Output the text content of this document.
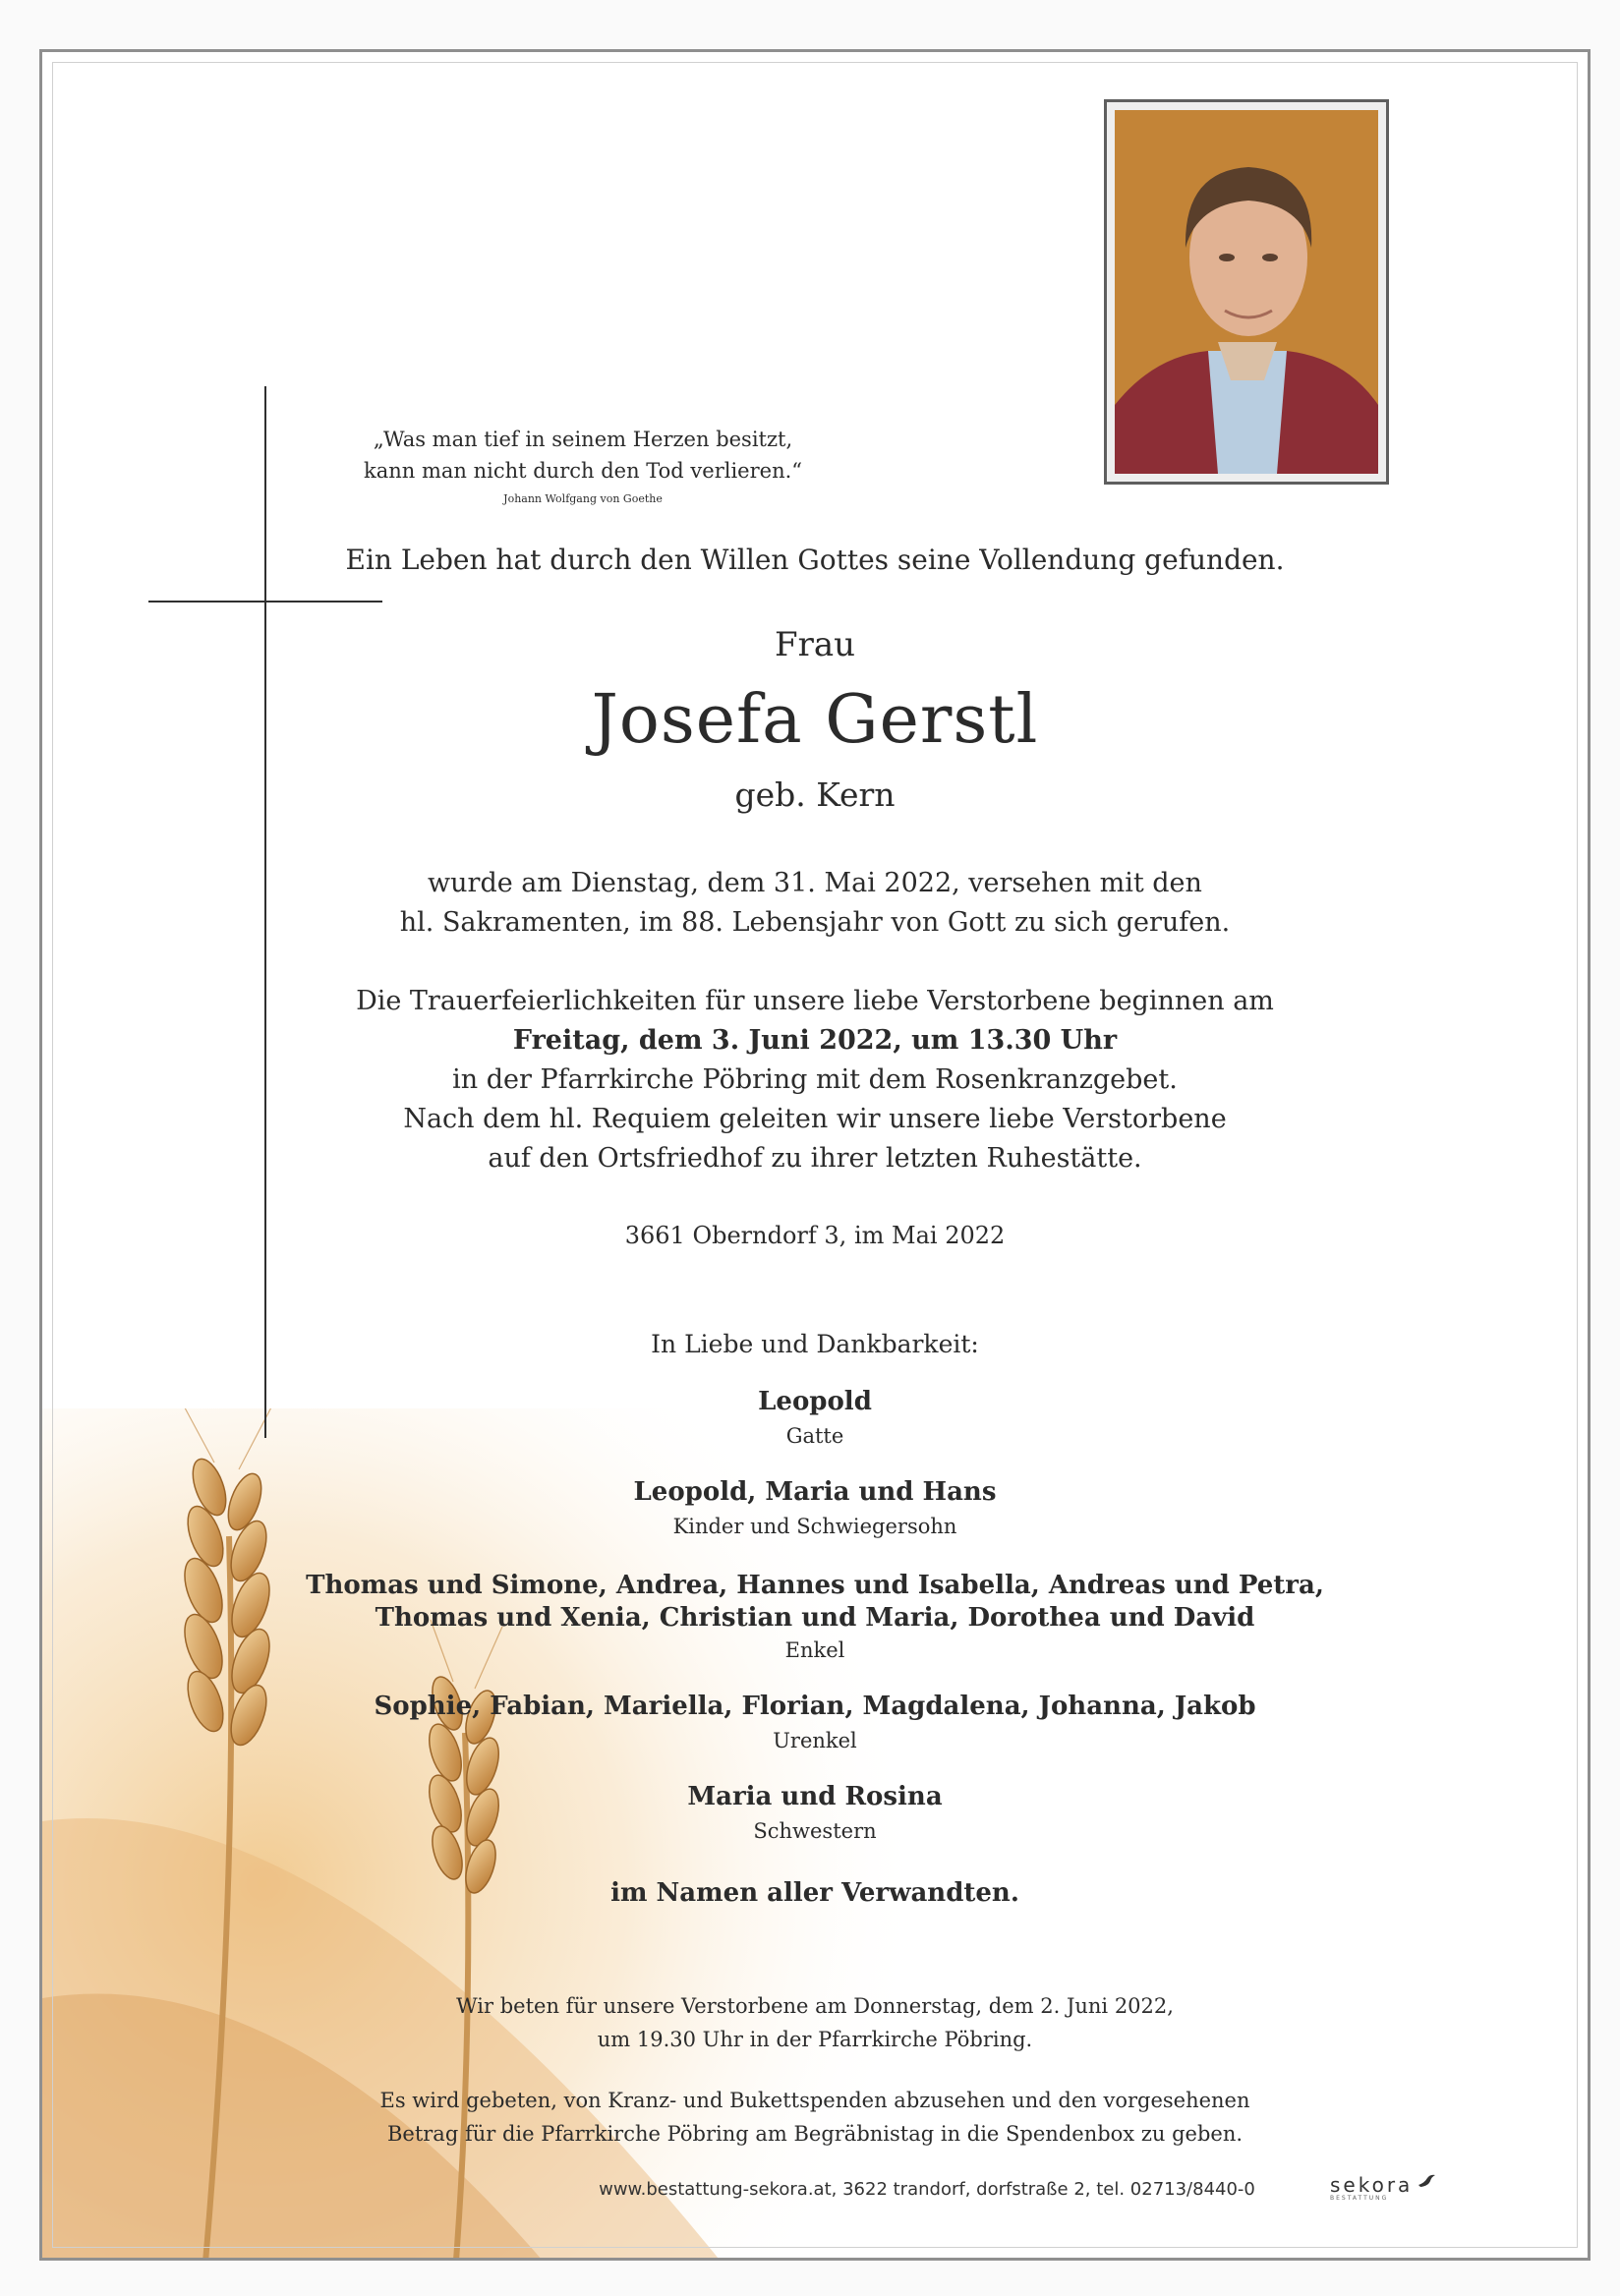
„Was man tief in seinem Herzen besitzt,
kann man nicht durch den Tod verlieren.“
Johann Wolfgang von Goethe
Ein Leben hat durch den Willen Gottes seine Vollendung gefunden.
Frau
Josefa Gerstl
geb. Kern
wurde am Dienstag, dem 31. Mai 2022, versehen mit den
hl. Sakramenten, im 88. Lebensjahr von Gott zu sich gerufen.
Die Trauerfeierlichkeiten für unsere liebe Verstorbene beginnen am
Freitag, dem 3. Juni 2022, um 13.30 Uhr
in der Pfarrkirche Pöbring mit dem Rosenkranzgebet.
Nach dem hl. Requiem geleiten wir unsere liebe Verstorbene
auf den Ortsfriedhof zu ihrer letzten Ruhestätte.
3661 Oberndorf 3, im Mai 2022
In Liebe und Dankbarkeit:
Leopold
Gatte
Leopold, Maria und Hans
Kinder und Schwiegersohn
Thomas und Simone, Andrea, Hannes und Isabella, Andreas und Petra,
Thomas und Xenia, Christian und Maria, Dorothea und David
Enkel
Sophie, Fabian, Mariella, Florian, Magdalena, Johanna, Jakob
Urenkel
Maria und Rosina
Schwestern
im Namen aller Verwandten.
Wir beten für unsere Verstorbene am Donnerstag, dem 2. Juni 2022,
um 19.30 Uhr in der Pfarrkirche Pöbring.
Es wird gebeten, von Kranz- und Bukettspenden abzusehen und den vorgesehenen
Betrag für die Pfarrkirche Pöbring am Begräbnistag in die Spendenbox zu geben.
www.bestattung-sekora.at, 3622 trandorf, dorfstraße 2, tel. 02713/8440-0	sekora
BESTATTUNG
